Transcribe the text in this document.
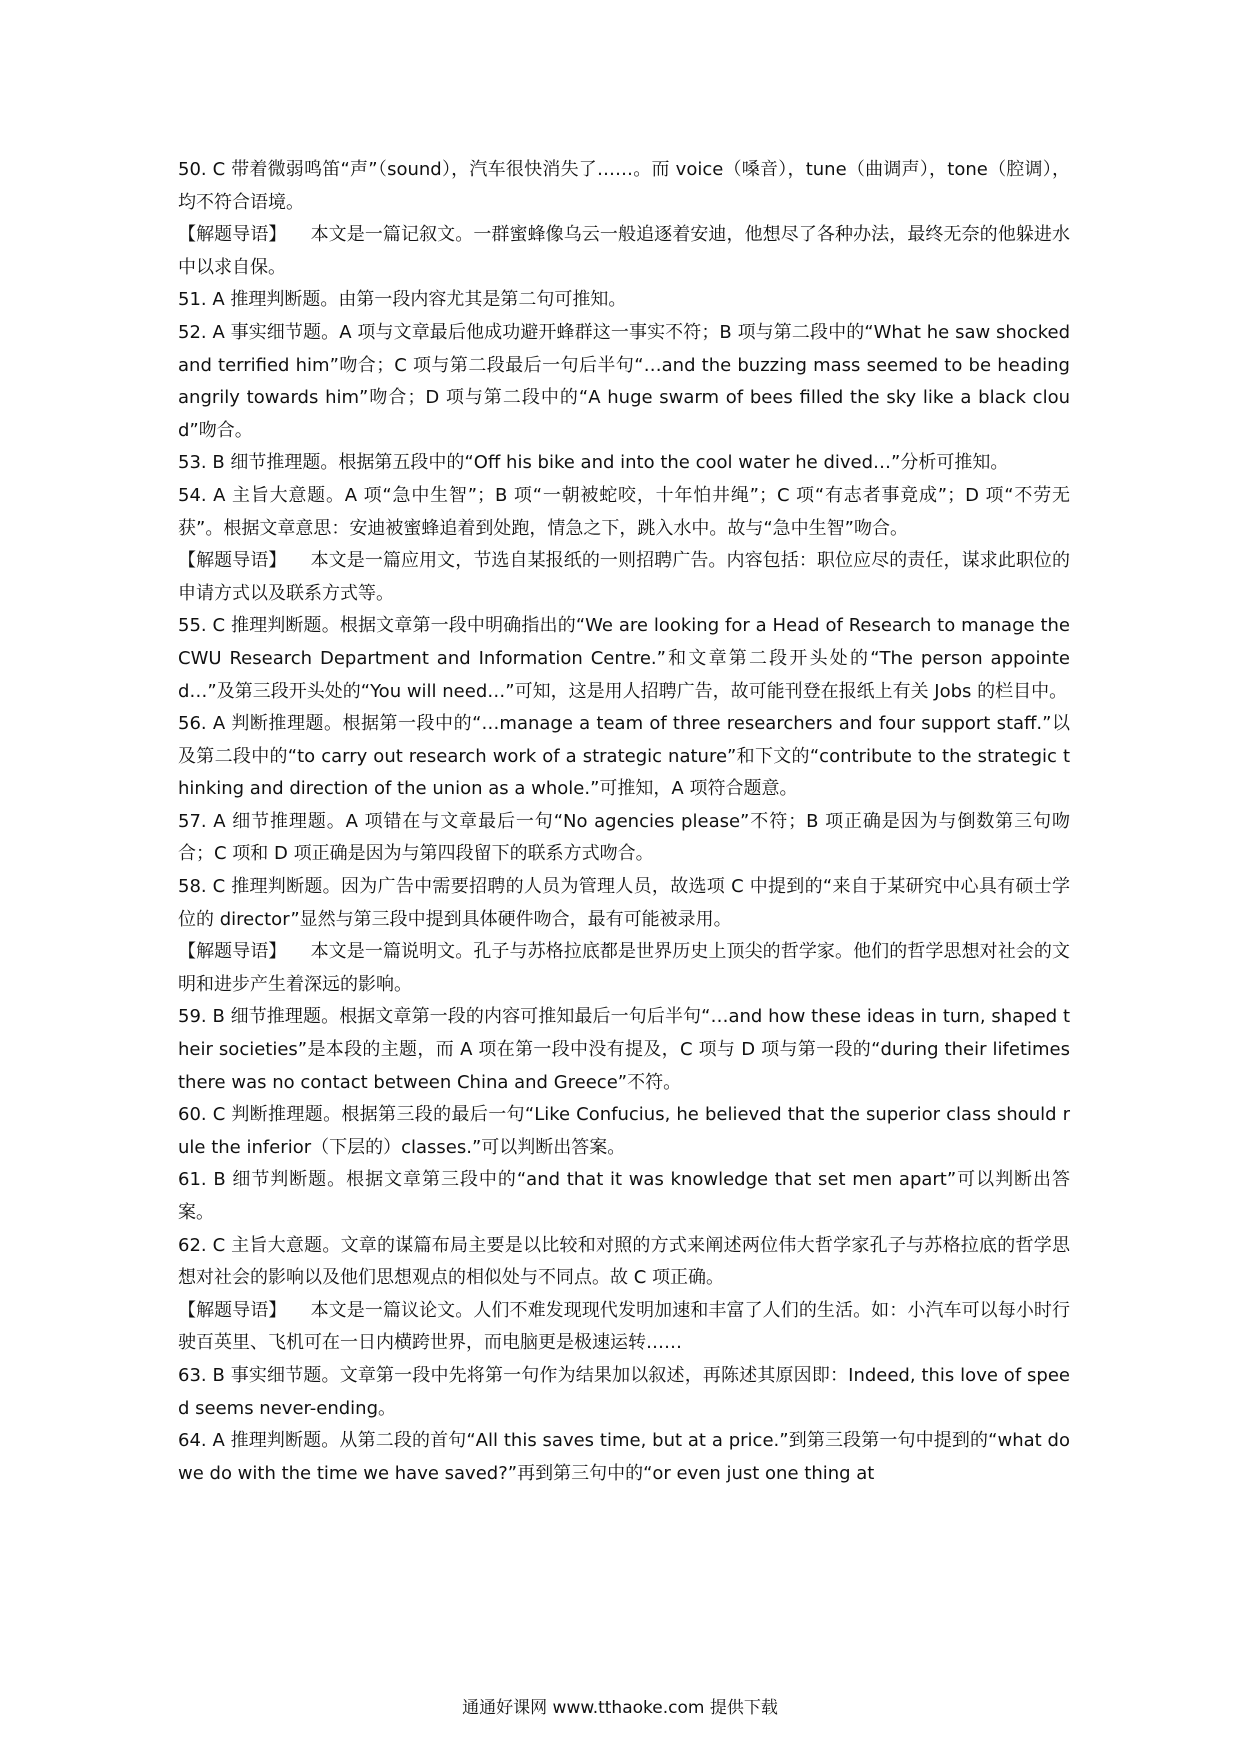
50. C 带着微弱鸣笛“声”（sound），汽车很快消失了……。而 voice（嗓音），tune（曲调声），tone（腔调），均不符合语境。

【解题导语】 本文是一篇记叙文。一群蜜蜂像乌云一般追逐着安迪，他想尽了各种办法，最终无奈的他躲进水中以求自保。

51. A 推理判断题。由第一段内容尤其是第二句可推知。

52. A 事实细节题。A 项与文章最后他成功避开蜂群这一事实不符；B 项与第二段中的“What he saw shocked and terrified him”吻合；C 项与第二段最后一句后半句“…and the buzzing mass seemed to be heading angrily towards him”吻合；D 项与第二段中的“A huge swarm of bees filled the sky like a black cloud”吻合。

53. B 细节推理题。根据第五段中的“Off his bike and into the cool water he dived…”分析可推知。

54. A 主旨大意题。A 项“急中生智”；B 项“一朝被蛇咬，十年怕井绳”；C 项“有志者事竟成”；D 项“不劳无获”。根据文章意思：安迪被蜜蜂追着到处跑，情急之下，跳入水中。故与“急中生智”吻合。

【解题导语】 本文是一篇应用文，节选自某报纸的一则招聘广告。内容包括：职位应尽的责任，谋求此职位的申请方式以及联系方式等。

55. C 推理判断题。根据文章第一段中明确指出的“We are looking for a Head of Research to manage the CWU Research Department and Information Centre.”和文章第二段开头处的“The person appointed…”及第三段开头处的“You will need…”可知，这是用人招聘广告，故可能刊登在报纸上有关 Jobs 的栏目中。

56. A 判断推理题。根据第一段中的“…manage a team of three researchers and four support staff.”以及第二段中的“to carry out research work of a strategic nature”和下文的“contribute to the strategic thinking and direction of the union as a whole.”可推知，A 项符合题意。

57. A 细节推理题。A 项错在与文章最后一句“No agencies please”不符；B 项正确是因为与倒数第三句吻合；C 项和 D 项正确是因为与第四段留下的联系方式吻合。

58. C 推理判断题。因为广告中需要招聘的人员为管理人员，故选项 C 中提到的“来自于某研究中心具有硕士学位的 director”显然与第三段中提到具体硬件吻合，最有可能被录用。

【解题导语】 本文是一篇说明文。孔子与苏格拉底都是世界历史上顶尖的哲学家。他们的哲学思想对社会的文明和进步产生着深远的影响。

59. B 细节推理题。根据文章第一段的内容可推知最后一句后半句“…and how these ideas in turn, shaped their societies”是本段的主题，而 A 项在第一段中没有提及，C 项与 D 项与第一段的“during their lifetimes there was no contact between China and Greece”不符。

60. C 判断推理题。根据第三段的最后一句“Like Confucius, he believed that the superior class should rule the inferior（下层的）classes.”可以判断出答案。

61. B 细节判断题。根据文章第三段中的“and that it was knowledge that set men apart”可以判断出答案。

62. C 主旨大意题。文章的谋篇布局主要是以比较和对照的方式来阐述两位伟大哲学家孔子与苏格拉底的哲学思想对社会的影响以及他们思想观点的相似处与不同点。故 C 项正确。

【解题导语】 本文是一篇议论文。人们不难发现现代发明加速和丰富了人们的生活。如：小汽车可以每小时行驶百英里、飞机可在一日内横跨世界，而电脑更是极速运转……

63. B 事实细节题。文章第一段中先将第一句作为结果加以叙述，再陈述其原因即：Indeed, this love of speed seems never-ending。

64. A 推理判断题。从第二段的首句“All this saves time, but at a price.”到第三段第一句中提到的“what do we do with the time we have saved?”再到第三句中的“or even just one thing at

通通好课网 www.tthaoke.com 提供下载
